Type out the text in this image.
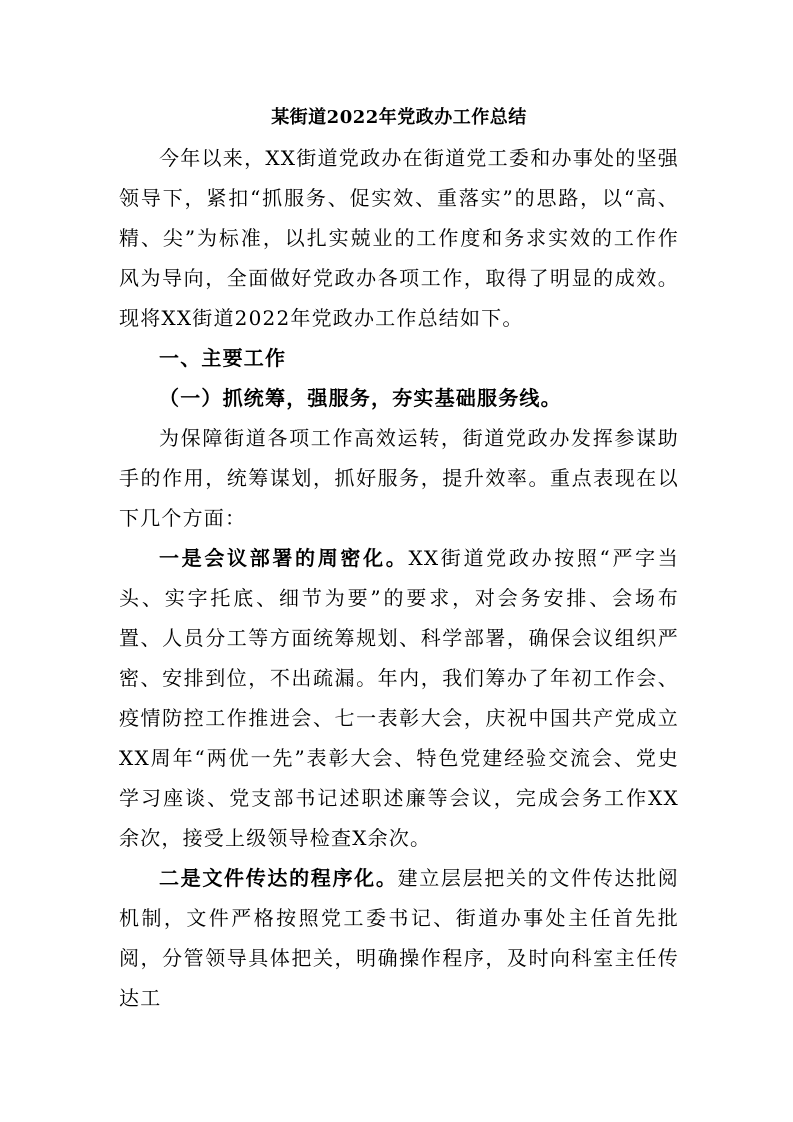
某街道2022年党政办工作总结

今年以来，XX街道党政办在街道党工委和办事处的坚强领导下，紧扣“抓服务、促实效、重落实”的思路，以“高、精、尖”为标准，以扎实兢业的工作度和务求实效的工作作风为导向，全面做好党政办各项工作，取得了明显的成效。现将XX街道2022年党政办工作总结如下。

一、主要工作

（一）抓统筹，强服务，夯实基础服务线。

为保障街道各项工作高效运转，街道党政办发挥参谋助手的作用，统筹谋划，抓好服务，提升效率。重点表现在以下几个方面：

一是会议部署的周密化。XX街道党政办按照“严字当头、实字托底、细节为要”的要求，对会务安排、会场布置、人员分工等方面统筹规划、科学部署，确保会议组织严密、安排到位，不出疏漏。年内，我们筹办了年初工作会、疫情防控工作推进会、七一表彰大会，庆祝中国共产党成立XX周年“两优一先”表彰大会、特色党建经验交流会、党史学习座谈、党支部书记述职述廉等会议，完成会务工作XX余次，接受上级领导检查X余次。

二是文件传达的程序化。建立层层把关的文件传达批阅机制，文件严格按照党工委书记、街道办事处主任首先批阅，分管领导具体把关，明确操作程序，及时向科室主任传达工
